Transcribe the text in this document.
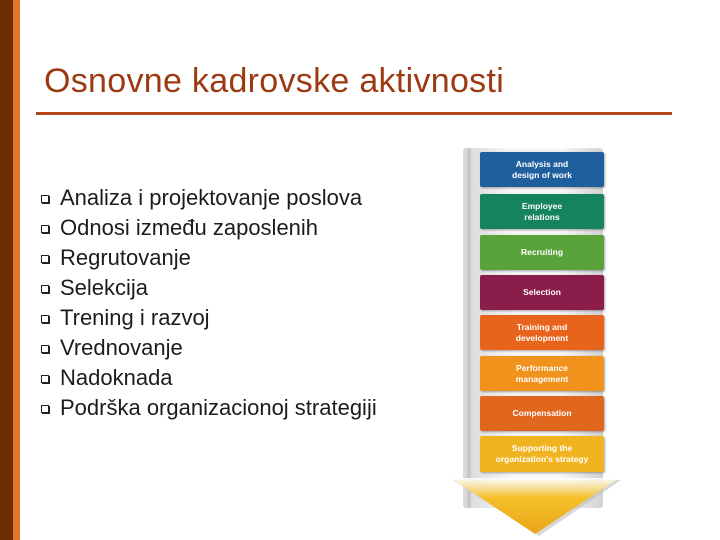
Osnovne kadrovske aktivnosti
Analiza i projektovanje poslova
Odnosi između zaposlenih
Regrutovanje
Selekcija
Trening i razvoj
Vrednovanje
Nadoknada
Podrška organizacionoj strategiji
Analysis and
design of work
Employee
relations
Recruiting
Selection
Training and
development
Performance
management
Compensation
Supporting the
organization's strategy
